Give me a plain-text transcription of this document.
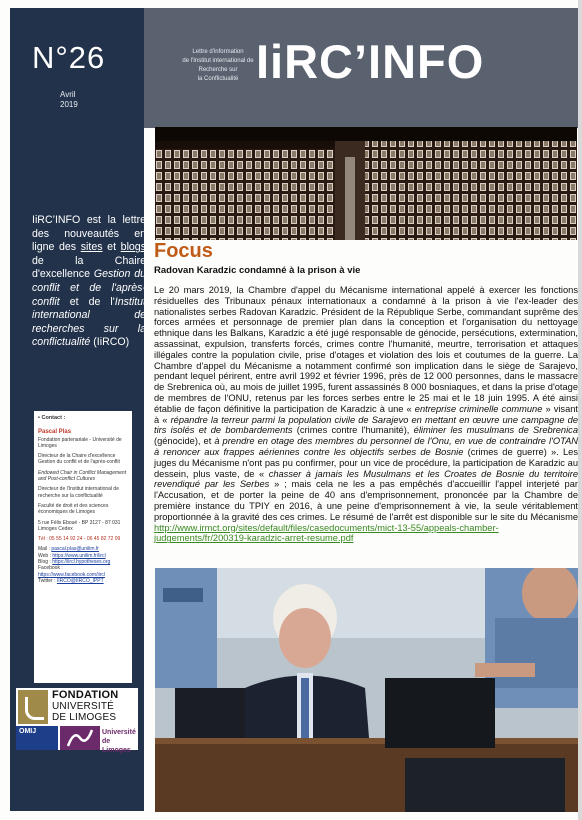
N°26
Avril
2019
IiRC’INFO est la lettre des nouveautés en ligne des sites et blogs de la Chaire d'excellence Gestion du conflit et de l'après-conflit et de l'Institut international de recherches sur la conflictualité (IiRCO)
• Contact :
Pascal Plas

Fondation partenariale - Université de Limoges

Directeur de la Chaire d'excellence Gestion du conflit et de l'après-conflit

Endowed Chair in Conflict Management and Post-conflict Cultures

Directeur de l'Institut international de recherche sur la conflictualité

Faculté de droit et des sciences économiques de Limoges

5 rue Félix Eboué - BP 3127 - 87 031 Limoges Cedex

Tél : 05 55 14 92 24 - 06 45 82 72 09

Mail : pascal.plas@unilim.fr
Web : https://www.unilim.fr/iircl
Blog : https://iircl.hypotheses.org
Facebook : https://www.facebook.com/iircl
Twitter : IIRCO@IIRCO_IPPT
FONDATION
UNIVERSITÉ
DE LIMOGES
OMIJ	Université
de Limoges
Lettre d'information
de l'Institut international de
Recherche sur
la Conflictualité IiRC’INFO
Focus
Radovan Karadzic condamné à la prison à vie
Le 20 mars 2019, la Chambre d'appel du Mécanisme international appelé à exercer les fonctions résiduelles des Tribunaux pénaux internationaux a condamné à la prison à vie l'ex-leader des nationalistes serbes Radovan Karadzic. Président de la République Serbe, commandant suprême des forces armées et personnage de premier plan dans la conception et l'organisation du nettoyage ethnique dans les Balkans, Karadzic a été jugé responsable de génocide, persécutions, extermination, assassinat, expulsion, transferts forcés, crimes contre l'humanité, meurtre, terrorisation et attaques illégales contre la population civile, prise d'otages et violation des lois et coutumes de la guerre. La Chambre d'appel du Mécanisme a notamment confirmé son implication dans le siège de Sarajevo, pendant lequel périrent, entre avril 1992 et février 1996, près de 12 000 personnes, dans le massacre de Srebrenica où, au mois de juillet 1995, furent assassinés 8 000 bosniaques, et dans la prise d'otage de membres de l'ONU, retenus par les forces serbes entre le 25 mai et le 18 juin 1995. A été ainsi établie de façon définitive la participation de Karadzic à une « entreprise criminelle commune » visant à « répandre la terreur parmi la population civile de Sarajevo en mettant en œuvre une campagne de tirs isolés et de bombardements (crimes contre l'humanité), éliminer les musulmans de Srebrenica (génocide), et à prendre en otage des membres du personnel de l'Onu, en vue de contraindre l'OTAN à renoncer aux frappes aériennes contre les objectifs serbes de Bosnie (crimes de guerre) ». Les juges du Mécanisme n'ont pas pu confirmer, pour un vice de procédure, la participation de Karadzic au dessein, plus vaste, de « chasser à jamais les Musulmans et les Croates de Bosnie du territoire revendiqué par les Serbes » ; mais cela ne les a pas empêchés d'accueillir l'appel interjeté par l'Accusation, et de porter la peine de 40 ans d'emprisonnement, prononcée par la Chambre de première instance du TPIY en 2016, à une peine d'emprisonnement à vie, la seule véritablement proportionnée à la gravité des ces crimes. Le résumé de l'arrêt est disponible sur le site du Mécanisme http://www.irmct.org/sites/default/files/casedocuments/mict-13-55/appeals-chamber-judgements/fr/200319-karadzic-arret-resume.pdf
